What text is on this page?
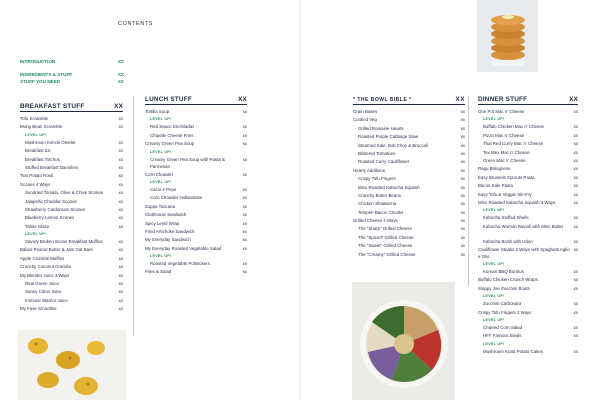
CONTENTS
INTRODUCTION	XX
INGREDIENTS & STUFF	XX
STUFF YOU NEED	XX
BREAKFAST STUFF	XX
Tofu Scramble	xx
Mung Bean Scramble	xx
LEVEL UP!
Mushroom Kimchi Omelet	xx
Breakfast Za	xx
Breakfast Totchos	xx
Stuffed Breakfast Danishes	xx
Two Potato Rösti	xx
Scones 4 Ways	xx
Sundried Tomato, Olive & Chive Scones	xx
Jalapeño Cheddar Scones	xx
Strawberry Cardamom Scones	xx
Blueberry Lemon Scones	xx
Tahini Glaze	xx
LEVEL UP!
Savory Broken Scone Breakfast Muffins	xx
Baked Peanut Butter & Jam Oat Bars	xx
Apple Crumble Muffins	xx
Crunchy Coconut Granola	xx
My Blender Juice 3 Ways	xx
Real Green Juice	xx
Sunny Citrus Juice	xx
Immune Warrior Juice	xx
My Fave Smoothie	xx
LUNCH STUFF	XX
Tortilla Soup	xx
LEVEL UP!
Red Sauce Enchiladas	xx
Chipotle Cheese Fries	xx
Creamy Green Pea Soup	xx
LEVEL UP!
Creamy Green Pea Soup with Pasta & Parmesan
xx
Corn Chowder	xx
LEVEL UP!
Cacio e Pepe	xx
Corn Chowder Hollandaise	xx
Zuppa Toscana	xx
Clubhouse Sandwich	xx
Spicy Lentil Wrap	xx
Fried Artichoke Sandwich	xx
My Everyday Sandwich	xx
My Everyday Roasted Vegetable Salad	xx
LEVEL UP!
Roasted Vegetable Potstickers	xx
Fries & Salad	xx
* THE BOWL BIBLE *	XX
Grain Bases	xx
Cooked Veg	xx
Grilled Romaine Hearts	xx
Roasted Purple Cabbage Slaw	xx
Steamed Kale, Bok Choy & Broccoli	xx
Blistered Tomatoes	xx
Roasted Curry Cauliflower	xx
Hearty Additions	xx
Crispy Tofu Fingers	xx
Miso Roasted Kabocha Squash	xx
Crunchy Butter Beans	xx
Chicken Shawarma	xx
Tempeh Bacon Chunks	xx
Grilled Cheese 4 Ways	xx
The "Sharp" Grilled Cheese	xx
The "Spiced" Grilled Cheese	xx
The "Sweet" Grilled Cheese	xx
The "Creamy" Grilled Cheese	xx
DINNER STUFF	XX
One Pot Mac n' Cheese	xx
LEVEL UP!
Buffalo Chicken Mac n' Cheese	xx
Pizza Mac n' Cheese	xx
Thai Red Curry Mac n' Cheese	xx
Tex Mex Mac n' Cheese	xx
Green Mac n' Cheese	xx
Ragu Bolognese	xx
Easy Brussels Sprouts Pasta	xx
Bacon Kale Pasta	xx
Easy Tofu & Veggie Stir-Fry	xx
Miso Roasted Kabocha Squash 3 Ways	xx
LEVEL UP!
Kabocha Stuffed Shells	xx
Kabocha Wonton Ravioli with Miso Butter xx
Kabocha Broth with Udon	xx
Cauliflower Steaks 2 Ways with Spaghetti Aglio e Olio
xx
LEVEL UP!
Korean BBQ Burritos	xx
Buffalo Chicken Crunch Wraps	xx
Sloppy Joe Zucchini Boats	xx
LEVEL UP!
Zucchini Carbonara	xx
Crispy Tofu Fingers 2 Ways	xx
LEVEL UP!
Charred Corn Salad	xx
HFF Famous Bowls	xx
LEVEL UP!
Mushroom Kraut Potato Cakes	xx
